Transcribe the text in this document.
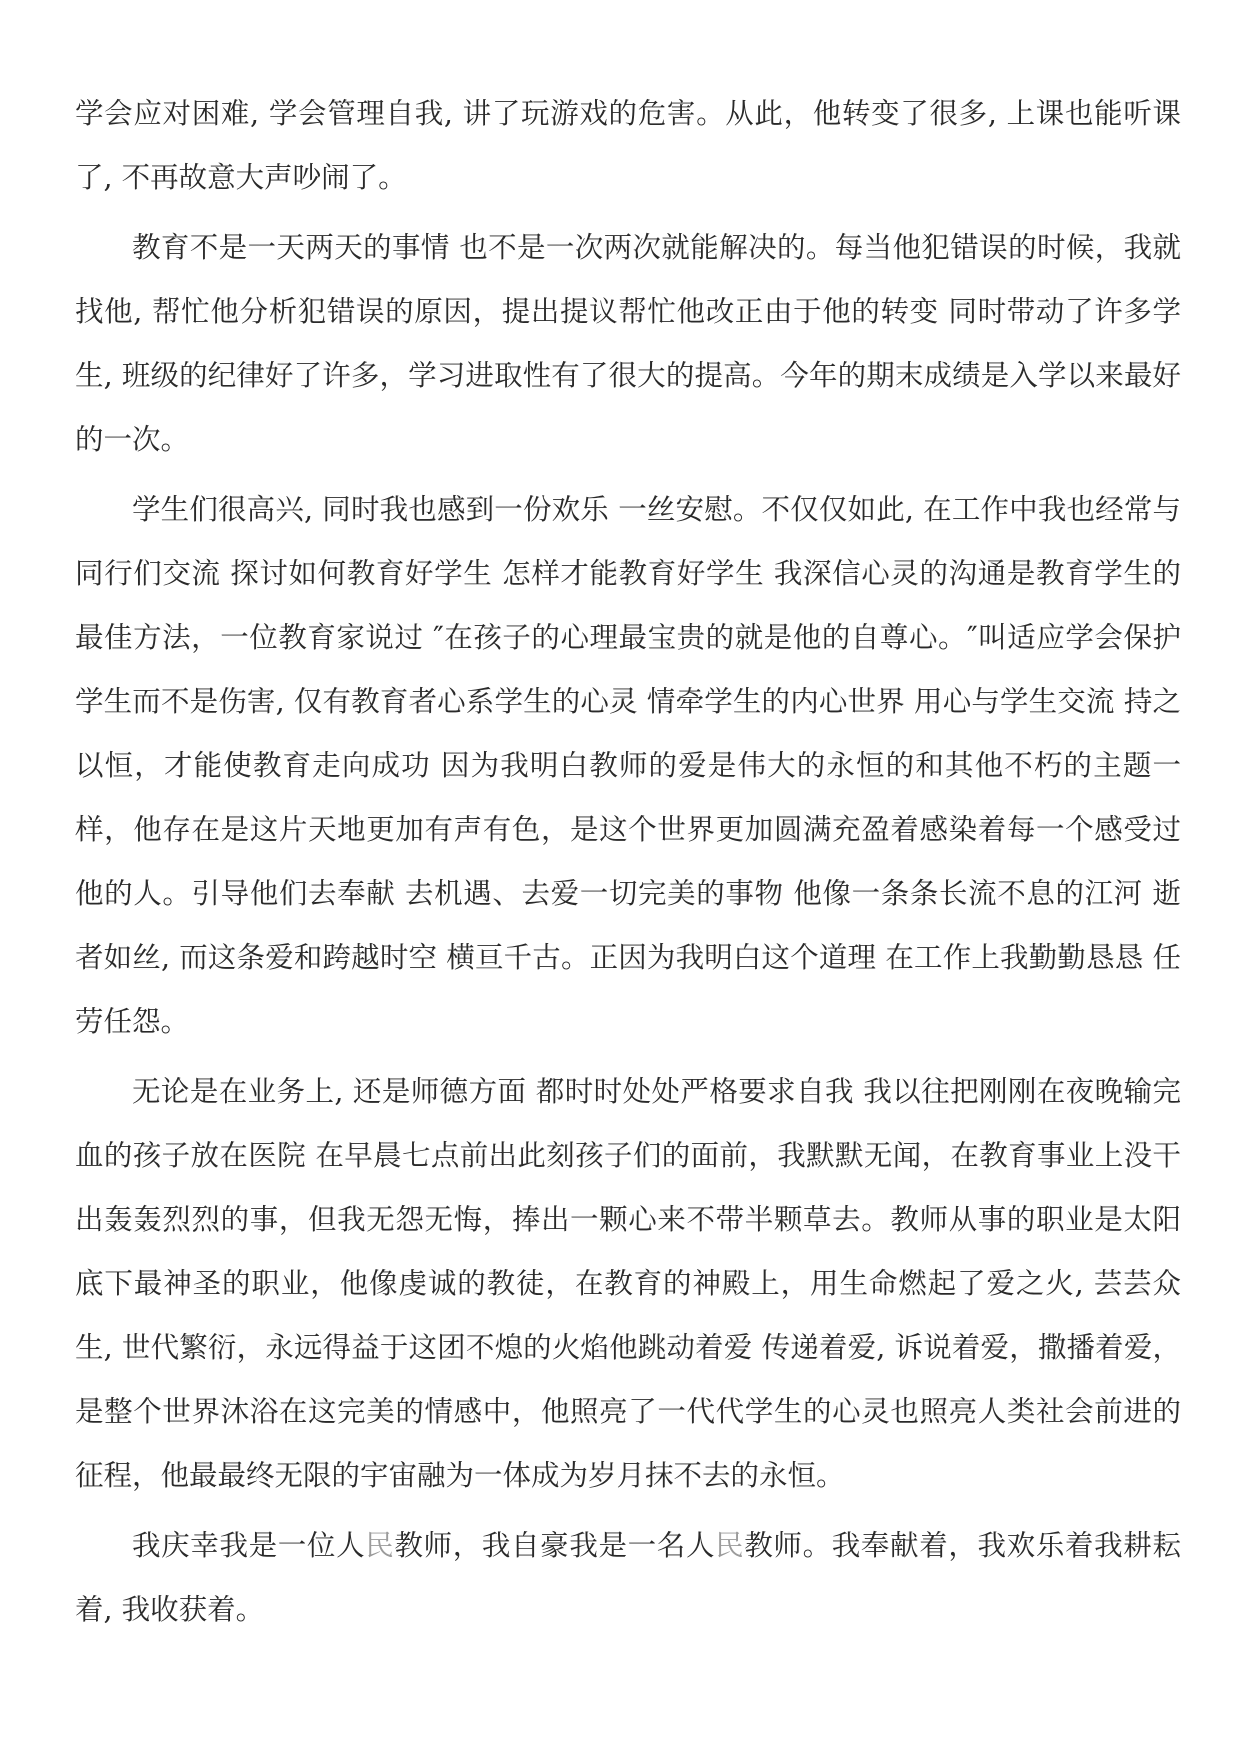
学会应对困难, 学会管理自我, 讲了玩游戏的危害。从此，他转变了很多, 上课也能听课了, 不再故意大声吵闹了。

教育不是一天两天的事情 也不是一次两次就能解决的。每当他犯错误的时候，我就找他, 帮忙他分析犯错误的原因，提出提议帮忙他改正由于他的转变 同时带动了许多学生, 班级的纪律好了许多，学习进取性有了很大的提高。今年的期末成绩是入学以来最好的一次。

学生们很高兴, 同时我也感到一份欢乐 一丝安慰。不仅仅如此, 在工作中我也经常与同行们交流 探讨如何教育好学生 怎样才能教育好学生 我深信心灵的沟通是教育学生的最佳方法，一位教育家说过 ″在孩子的心理最宝贵的就是他的自尊心。″叫适应学会保护学生而不是伤害, 仅有教育者心系学生的心灵 情牵学生的内心世界 用心与学生交流 持之以恒，才能使教育走向成功 因为我明白教师的爱是伟大的永恒的和其他不朽的主题一样，他存在是这片天地更加有声有色，是这个世界更加圆满充盈着感染着每一个感受过他的人。引导他们去奉献 去机遇、去爱一切完美的事物 他像一条条长流不息的江河 逝者如丝, 而这条爱和跨越时空 横亘千古。正因为我明白这个道理 在工作上我勤勤恳恳 任劳任怨。

无论是在业务上, 还是师德方面 都时时处处严格要求自我 我以往把刚刚在夜晚输完血的孩子放在医院 在早晨七点前出此刻孩子们的面前，我默默无闻，在教育事业上没干出轰轰烈烈的事，但我无怨无悔，捧出一颗心来不带半颗草去。教师从事的职业是太阳底下最神圣的职业，他像虔诚的教徒，在教育的神殿上，用生命燃起了爱之火, 芸芸众生, 世代繁衍，永远得益于这团不熄的火焰他跳动着爱 传递着爱, 诉说着爱，撒播着爱，是整个世界沐浴在这完美的情感中，他照亮了一代代学生的心灵也照亮人类社会前进的征程，他最最终无限的宇宙融为一体成为岁月抹不去的永恒。

我庆幸我是一位人民教师，我自豪我是一名人民教师。我奉献着，我欢乐着我耕耘着, 我收获着。
